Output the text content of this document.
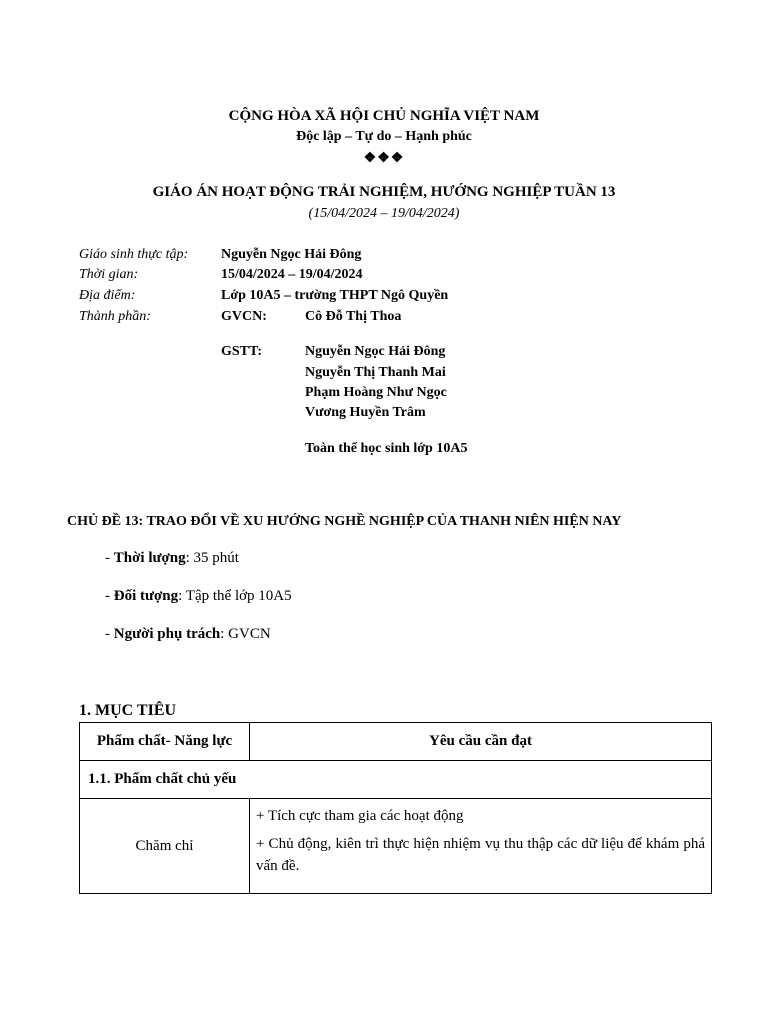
CỘNG HÒA XÃ HỘI CHỦ NGHĨA VIỆT NAM
Độc lập – Tự do – Hạnh phúc
❖❖❖
GIÁO ÁN HOẠT ĐỘNG TRẢI NGHIỆM, HƯỚNG NGHIỆP TUẦN 13
(15/04/2024 – 19/04/2024)
Giáo sinh thực tập: Nguyễn Ngọc Hải Đông
Thời gian:	15/04/2024 – 19/04/2024
Địa điểm:	Lớp 10A5 – trường THPT Ngô Quyền
Thành phần:	GVCN:	Cô Đỗ Thị Thoa
GSTT:	Nguyễn Ngọc Hải Đông
Nguyễn Thị Thanh Mai
Phạm Hoàng Như Ngọc
Vương Huyền Trâm
Toàn thể học sinh lớp 10A5
CHỦ ĐỀ 13: TRAO ĐỔI VỀ XU HƯỚNG NGHỀ NGHIỆP CỦA THANH NIÊN HIỆN NAY
- Thời lượng: 35 phút
- Đối tượng: Tập thể lớp 10A5
- Người phụ trách: GVCN
1. MỤC TIÊU
Phẩm chất- Năng lực	Yêu cầu cần đạt
1.1. Phẩm chất chủ yếu	
Chăm chỉ	+ Tích cực tham gia các hoạt động

+ Chủ động, kiên trì thực hiện nhiệm vụ thu thập các dữ liệu để khám phá vấn đề.
